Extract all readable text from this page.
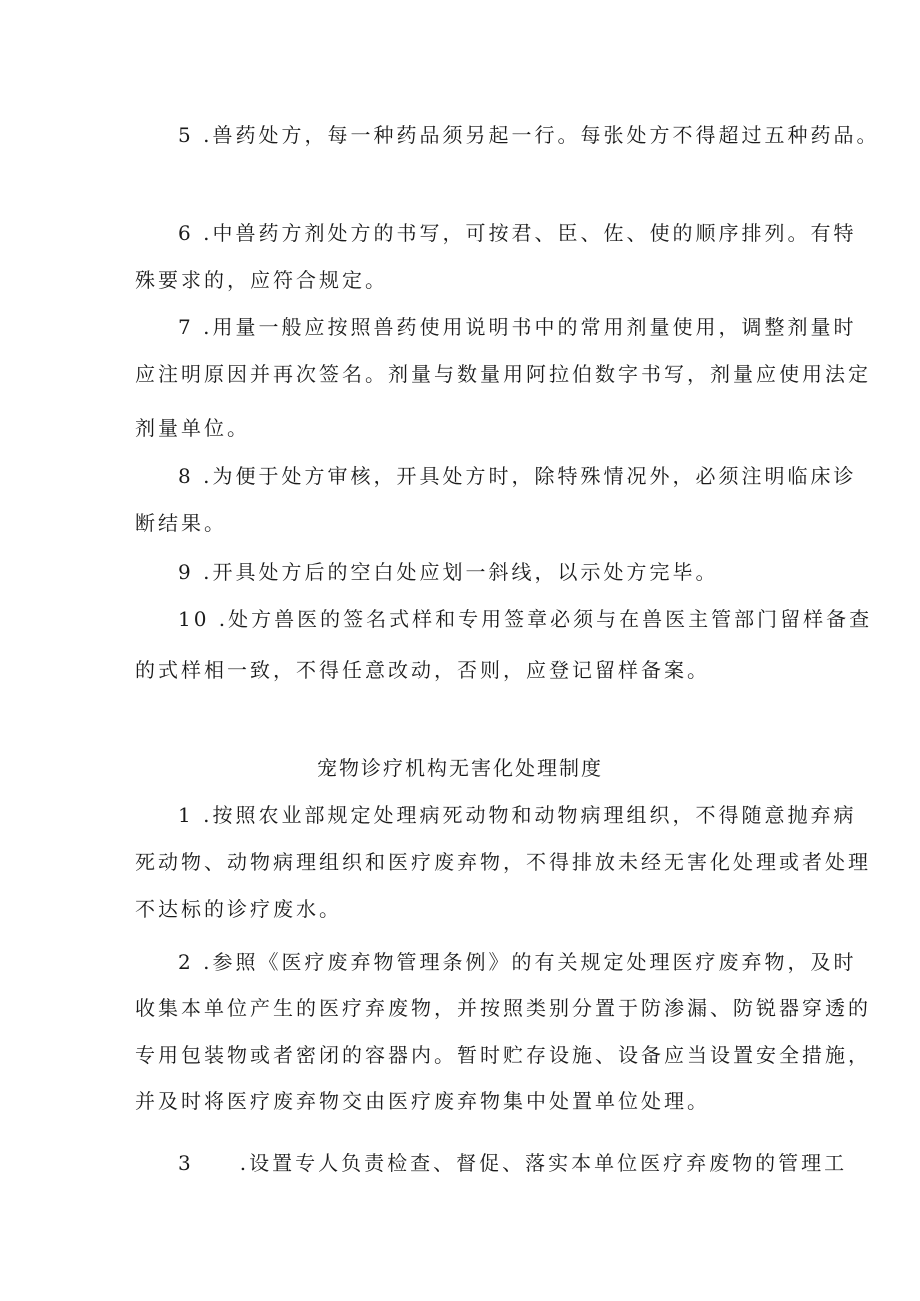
5 .兽药处方，每一种药品须另起一行。每张处方不得超过五种药品。
6 .中兽药方剂处方的书写，可按君、臣、佐、使的顺序排列。有特
殊要求的，应符合规定。
7 .用量一般应按照兽药使用说明书中的常用剂量使用，调整剂量时
应注明原因并再次签名。剂量与数量用阿拉伯数字书写，剂量应使用法定
剂量单位。
8 .为便于处方审核，开具处方时，除特殊情况外，必须注明临床诊
断结果。
9 .开具处方后的空白处应划一斜线，以示处方完毕。
10 .处方兽医的签名式样和专用签章必须与在兽医主管部门留样备查
的式样相一致，不得任意改动，否则，应登记留样备案。
宠物诊疗机构无害化处理制度
1 .按照农业部规定处理病死动物和动物病理组织，不得随意抛弃病
死动物、动物病理组织和医疗废弃物，不得排放未经无害化处理或者处理
不达标的诊疗废水。
2 .参照《医疗废弃物管理条例》的有关规定处理医疗废弃物，及时
收集本单位产生的医疗弃废物，并按照类别分置于防渗漏、防锐器穿透的
专用包装物或者密闭的容器内。暂时贮存设施、设备应当设置安全措施，
并及时将医疗废弃物交由医疗废弃物集中处置单位处理。
3　　.设置专人负责检查、督促、落实本单位医疗弃废物的管理工
